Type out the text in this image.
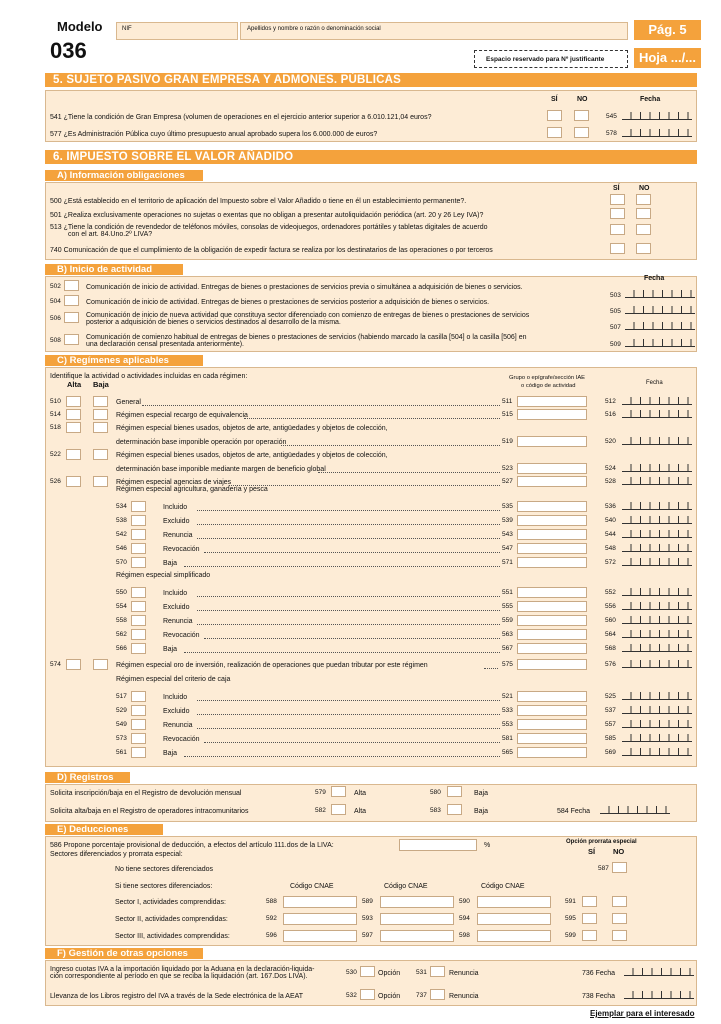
Modelo
036
NIF	Apellidos y nombre o razón o denominación social
Espacio reservado para Nº justificante
Pág. 5
Hoja .../...
5. SUJETO PASIVO GRAN EMPRESA Y ADMONES. PÚBLICAS
SÍ	NO	Fecha
541 ¿Tiene la condición de Gran Empresa (volumen de operaciones en el ejercicio anterior superior a 6.010.121,04 euros?	545
577 ¿Es Administración Pública cuyo último presupuesto anual aprobado supera los 6.000.000 de euros?	578
6. IMPUESTO SOBRE EL VALOR AÑADIDO
A) Información obligaciones
SÍ	NO
500 ¿Está establecido en el territorio de aplicación del Impuesto sobre el Valor Añadido o tiene en él un establecimiento permanente?.
501 ¿Realiza exclusivamente operaciones no sujetas o exentas que no obligan a presentar autoliquidación periódica (art. 20 y 26 Ley IVA)?
513 ¿Tiene la condición de revendedor de teléfonos móviles, consolas de videojuegos, ordenadores portátiles y tabletas digitales de acuerdo
con el art. 84.Uno.2º LIVA?
740 Comunicación de que el cumplimiento de la obligación de expedir factura se realiza por los destinatarios de las operaciones o por terceros
B) Inicio de actividad
Fecha
502	Comunicación de inicio de actividad. Entregas de bienes o prestaciones de servicios previa o simultánea a adquisición de bienes o servicios.
503
504	Comunicación de inicio de actividad. Entregas de bienes o prestaciones de servicios posterior a adquisición de bienes o servicios.
505
506	Comunicación de inicio de nueva actividad que constituya sector diferenciado con comienzo de entregas de bienes o prestaciones de servicios
posterior a adquisición de bienes o servicios destinados al desarrollo de la misma.
507
508	Comunicación de comienzo habitual de entregas de bienes o prestaciones de servicios (habiendo marcado la casilla [504] o la casilla [506] en
una declaración censal presentada anteriormente).	509
C) Regímenes aplicables
Identifique la actividad o actividades incluidas en cada régimen:
Alta Baja
Grupo o epígrafe/sección IAE
o código de actividad	Fecha
510	General	511	512
514	Régimen especial recargo de equivalencia	515	516
518	Régimen especial bienes usados, objetos de arte, antigüedades y objetos de colección,
determinación base imponible operación por operación	519	520
522	Régimen especial bienes usados, objetos de arte, antigüedades y objetos de colección,
determinación base imponible mediante margen de beneficio global	523	524
526	Régimen especial agencias de viajes	527	528
Régimen especial agricultura, ganadería y pesca
534	Incluido	535	536
538	Excluido	539	540
542	Renuncia	543	544
546	Revocación	547	548
570	Baja	571	572
Régimen especial simplificado
550	Incluido	551	552
554	Excluido	555	556
558	Renuncia	559	560
562	Revocación	563	564
566	Baja	567	568
574	Régimen especial oro de inversión, realización de operaciones que puedan tributar por este régimen	575	576
Régimen especial del criterio de caja
517	Incluido	521	525
529	Excluido	533	537
549	Renuncia	553	557
573	Revocación	581	585
561	Baja	565	569
D) Registros
Solicita inscripción/baja en el Registro de devolución mensual	579	Alta	580	Baja
Solicita alta/baja en el Registro de operadores intracomunitarios	582	Alta	583	Baja	584 Fecha
E) Deducciones
586 Propone porcentaje provisional de deducción, a efectos del artículo 111.dos de la LIVA:	%	Opción prorrata especial
SÍ NO
Sectores diferenciados y prorrata especial:
No tiene sectores diferenciados	587
Si tiene sectores diferenciados:	Código CNAE	Código CNAE	Código CNAE
Sector I, actividades comprendidas:	588	589	590	591
Sector II, actividades comprendidas:	592	593	594	595
Sector III, actividades comprendidas:	596	597	598	599
F) Gestión de otras opciones
Ingreso cuotas IVA a la importación liquidado por la Aduana en la declaración-liquida-
ción correspondiente al período en que se reciba la liquidación (art. 167.Dos LIVA).
530	Opción 531	Renuncia	736 Fecha
Llevanza de los Libros registro del IVA a través de la Sede electrónica de la AEAT	532	Opción 737	Renuncia	738 Fecha
Ejemplar para el interesado
